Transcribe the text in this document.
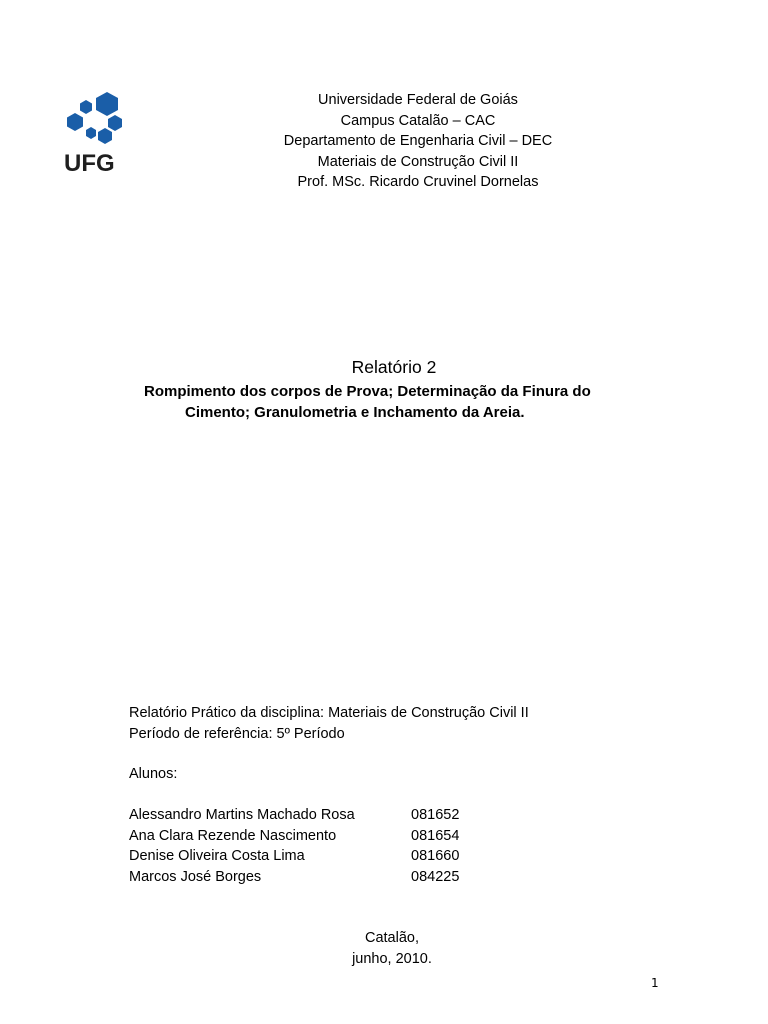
UFG
Universidade Federal de Goiás
Campus Catalão – CAC
Departamento de Engenharia Civil – DEC
Materiais de Construção Civil II
Prof. MSc. Ricardo Cruvinel Dornelas
Relatório 2
Rompimento dos corpos de Prova; Determinação da Finura do
Cimento; Granulometria e Inchamento da Areia.
Relatório Prático da disciplina: Materiais de Construção Civil II
Período de referência: 5º Período
Alunos:
Alessandro Martins Machado Rosa	081652
Ana Clara Rezende Nascimento	081654
Denise Oliveira Costa Lima	081660
Marcos José Borges	084225
Catalão,
junho, 2010.
1
